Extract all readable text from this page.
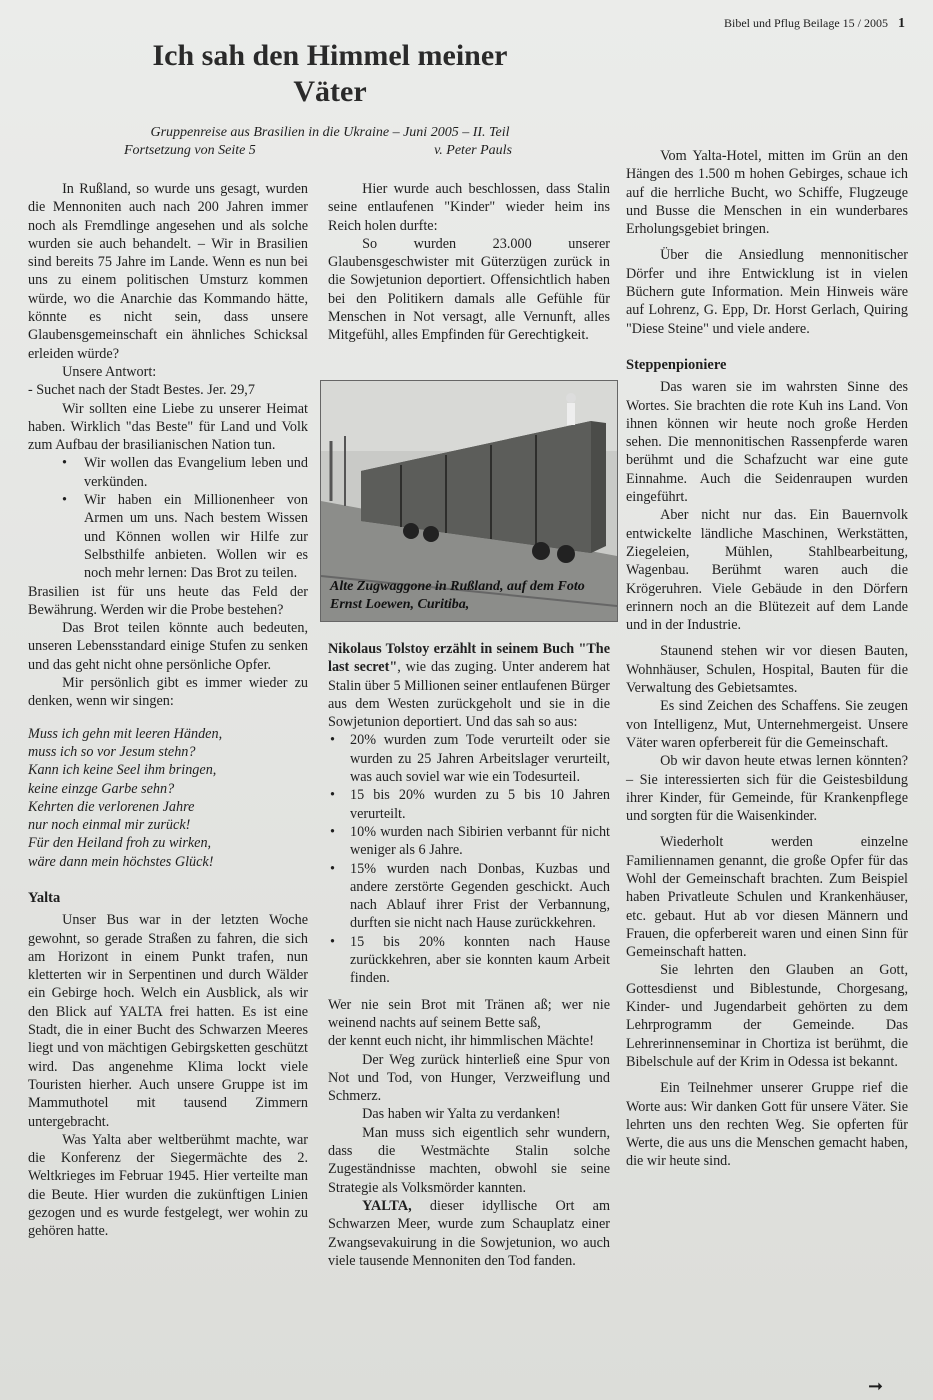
Bibel und Pflug Beilage 15 / 2005 1
Ich sah den Himmel meiner Väter
Gruppenreise aus Brasilien in die Ukraine – Juni 2005 – II. Teil
Fortsetzung von Seite 5	v. Peter Pauls

In Rußland, so wurde uns gesagt, wurden die Mennoniten auch nach 200 Jahren immer noch als Fremdlinge angesehen und als solche wurden sie auch behandelt. – Wir in Brasilien sind bereits 75 Jahre im Lande. Wenn es nun bei uns zu einem politischen Umsturz kommen würde, wo die Anarchie das Kommando hätte, könnte es nicht sein, dass unsere Glaubensgemeinschaft ein ähnliches Schicksal erleiden würde?

Unsere Antwort:

- Suchet nach der Stadt Bestes. Jer. 29,7

Wir sollten eine Liebe zu unserer Heimat haben. Wirklich "das Beste" für Land und Volk zum Aufbau der brasilianischen Nation tun.

• Wir wollen das Evangelium leben und verkünden.
• Wir haben ein Millionenheer von Armen um uns. Nach bestem Wissen und Können wollen wir Hilfe zur Selbsthilfe anbieten. Wollen wir es noch mehr lernen: Das Brot zu teilen.

Brasilien ist für uns heute das Feld der Bewährung. Werden wir die Probe bestehen?

Das Brot teilen könnte auch bedeuten, unseren Lebensstandard einige Stufen zu senken und das geht nicht ohne persönliche Opfer.

Mir persönlich gibt es immer wieder zu denken, wenn wir singen:

Muss ich gehn mit leeren Händen,
muss ich so vor Jesum stehn?
Kann ich keine Seel ihm bringen,
keine einzge Garbe sehn?
Kehrten die verlorenen Jahre
nur noch einmal mir zurück!
Für den Heiland froh zu wirken,
wäre dann mein höchstes Glück!
Yalta

Unser Bus war in der letzten Woche gewohnt, so gerade Straßen zu fahren, die sich am Horizont in einem Punkt trafen, nun kletterten wir in Serpentinen und durch Wälder ein Gebirge hoch. Welch ein Ausblick, als wir den Blick auf YALTA frei hatten. Es ist eine Stadt, die in einer Bucht des Schwarzen Meeres liegt und von mächtigen Gebirgsketten geschützt wird. Das angenehme Klima lockt viele Touristen hierher. Auch unsere Gruppe ist im Mammuthotel mit tausend Zimmern untergebracht.

Was Yalta aber weltberühmt machte, war die Konferenz der Siegermächte des 2. Weltkrieges im Februar 1945. Hier verteilte man die Beute. Hier wurden die zukünftigen Linien gezogen und es wurde festgelegt, wer wohin zu gehören hatte.

Hier wurde auch beschlossen, dass Stalin seine entlaufenen "Kinder" wieder heim ins Reich holen durfte:

So wurden 23.000 unserer Glaubensgeschwister mit Güterzügen zurück in die Sowjetunion deportiert. Offensichtlich haben bei den Politikern damals alle Gefühle für Menschen in Not versagt, alle Vernunft, alles Mitgefühl, alles Empfinden für Gerechtigkeit.

Alte Zugwaggone in Rußland, auf dem Foto Ernst Loewen, Curitiba,

Nikolaus Tolstoy erzählt in seinem Buch "The last secret", wie das zuging. Unter anderem hat Stalin über 5 Millionen seiner entlaufenen Bürger aus dem Westen zurückgeholt und sie in die Sowjetunion deportiert. Und das sah so aus:

• 20% wurden zum Tode verurteilt oder sie wurden zu 25 Jahren Arbeitslager verurteilt, was auch soviel war wie ein Todesurteil.
• 15 bis 20% wurden zu 5 bis 10 Jahren verurteilt.
• 10% wurden nach Sibirien verbannt für nicht weniger als 6 Jahre.
• 15% wurden nach Donbas, Kuzbas und andere zerstörte Gegenden geschickt. Auch nach Ablauf ihrer Frist der Verbannung, durften sie nicht nach Hause zurückkehren.
• 15 bis 20% konnten nach Hause zurückkehren, aber sie konnten kaum Arbeit finden.

Wer nie sein Brot mit Tränen aß; wer nie weinend nachts auf seinem Bette saß,

der kennt euch nicht, ihr himmlischen Mächte!

Der Weg zurück hinterließ eine Spur von Not und Tod, von Hunger, Verzweiflung und Schmerz.

Das haben wir Yalta zu verdanken!

Man muss sich eigentlich sehr wundern, dass die Westmächte Stalin solche Zugeständnisse machten, obwohl sie seine Strategie als Volksmörder kannten.

YALTA, dieser idyllische Ort am Schwarzen Meer, wurde zum Schauplatz einer Zwangsevakuirung in die Sowjetunion, wo auch viele tausende Mennoniten den Tod fanden.

Vom Yalta-Hotel, mitten im Grün an den Hängen des 1.500 m hohen Gebirges, schaue ich auf die herrliche Bucht, wo Schiffe, Flugzeuge und Busse die Menschen in ein wunderbares Erholungsgebiet bringen.

Über die Ansiedlung mennonitischer Dörfer und ihre Entwicklung ist in vielen Büchern gute Information. Mein Hinweis wäre auf Lohrenz, G. Epp, Dr. Horst Gerlach, Quiring "Diese Steine" und viele andere.

Steppenpioniere

Das waren sie im wahrsten Sinne des Wortes. Sie brachten die rote Kuh ins Land. Von ihnen können wir heute noch große Herden sehen. Die mennonitischen Rassenpferde waren berühmt und die Schafzucht war eine gute Einnahme. Auch die Seidenraupen wurden eingeführt.

Aber nicht nur das. Ein Bauernvolk entwickelte ländliche Maschinen, Werkstätten, Ziegeleien, Mühlen, Stahlbearbeitung, Wagenbau. Berühmt waren auch die Krögeruhren. Viele Gebäude in den Dörfern erinnern noch an die Blütezeit auf dem Lande und in der Industrie.

Staunend stehen wir vor diesen Bauten, Wohnhäuser, Schulen, Hospital, Bauten für die Verwaltung des Gebietsamtes.

Es sind Zeichen des Schaffens. Sie zeugen von Intelligenz, Mut, Unternehmergeist. Unsere Väter waren opferbereit für die Gemeinschaft.

Ob wir davon heute etwas lernen könnten? – Sie interessierten sich für die Geistesbildung ihrer Kinder, für Gemeinde, für Krankenpflege und sorgten für die Waisenkinder.

Wiederholt werden einzelne Familiennamen genannt, die große Opfer für das Wohl der Gemeinschaft brachten. Zum Beispiel haben Privatleute Schulen und Krankenhäuser, etc. gebaut. Hut ab vor diesen Männern und Frauen, die opferbereit waren und einen Sinn für Gemeinschaft hatten.

Sie lehrten den Glauben an Gott, Gottesdienst und Biblestunde, Chorgesang, Kinder- und Jugendarbeit gehörten zu dem Lehrprogramm der Gemeinde. Das Lehrerinnenseminar in Chortiza ist berühmt, die Bibelschule auf der Krim in Odessa ist bekannt.

Ein Teilnehmer unserer Gruppe rief die Worte aus: Wir danken Gott für unsere Väter. Sie lehrten uns den rechten Weg. Sie opferten für Werte, die aus uns die Menschen gemacht haben, die wir heute sind.

➞
